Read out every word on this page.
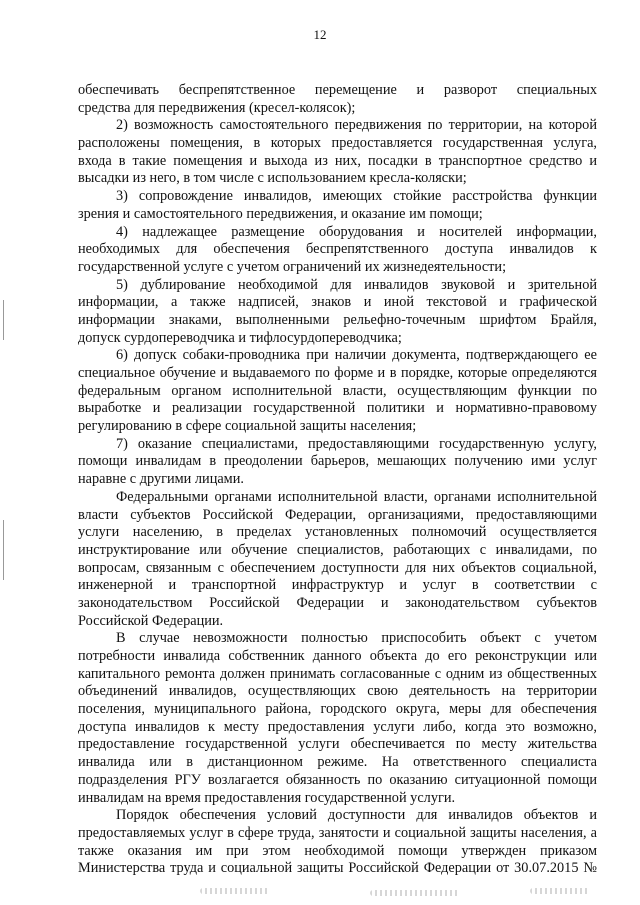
12
обеспечивать беспрепятственное перемещение и разворот специальных
средства для передвижения (кресел-колясок);
2) возможность самостоятельного передвижения по территории, на которой
расположены помещения, в которых предоставляется государственная услуга,
входа в такие помещения и выхода из них, посадки в транспортное средство и
высадки из него, в том числе с использованием кресла-коляски;
3) сопровождение инвалидов, имеющих стойкие расстройства функции
зрения и самостоятельного передвижения, и оказание им помощи;
4) надлежащее размещение оборудования и носителей информации,
необходимых для обеспечения беспрепятственного доступа инвалидов к
государственной услуге с учетом ограничений их жизнедеятельности;
5) дублирование необходимой для инвалидов звуковой и зрительной
информации, а также надписей, знаков и иной текстовой и графической
информации знаками, выполненными рельефно-точечным шрифтом Брайля,
допуск сурдопереводчика и тифлосурдопереводчика;
6) допуск собаки-проводника при наличии документа, подтверждающего ее
специальное обучение и выдаваемого по форме и в порядке, которые определяются
федеральным органом исполнительной власти, осуществляющим функции по
выработке и реализации государственной политики и нормативно-правовому
регулированию в сфере социальной защиты населения;
7) оказание специалистами, предоставляющими государственную услугу,
помощи инвалидам в преодолении барьеров, мешающих получению ими услуг
наравне с другими лицами.
Федеральными органами исполнительной власти, органами исполнительной
власти субъектов Российской Федерации, организациями, предоставляющими
услуги населению, в пределах установленных полномочий осуществляется
инструктирование или обучение специалистов, работающих с инвалидами, по
вопросам, связанным с обеспечением доступности для них объектов социальной,
инженерной и транспортной инфраструктур и услуг в соответствии с
законодательством Российской Федерации и законодательством субъектов
Российской Федерации.
В случае невозможности полностью приспособить объект с учетом
потребности инвалида собственник данного объекта до его реконструкции или
капитального ремонта должен принимать согласованные с одним из общественных
объединений инвалидов, осуществляющих свою деятельность на территории
поселения, муниципального района, городского округа, меры для обеспечения
доступа инвалидов к месту предоставления услуги либо, когда это возможно,
предоставление государственной услуги обеспечивается по месту жительства
инвалида или в дистанционном режиме. На ответственного специалиста
подразделения РГУ возлагается обязанность по оказанию ситуационной помощи
инвалидам на время предоставления государственной услуги.
Порядок обеспечения условий доступности для инвалидов объектов и
предоставляемых услуг в сфере труда, занятости и социальной защиты населения, а
также оказания им при этом необходимой помощи утвержден приказом
Министерства труда и социальной защиты Российской Федерации от 30.07.2015 №
